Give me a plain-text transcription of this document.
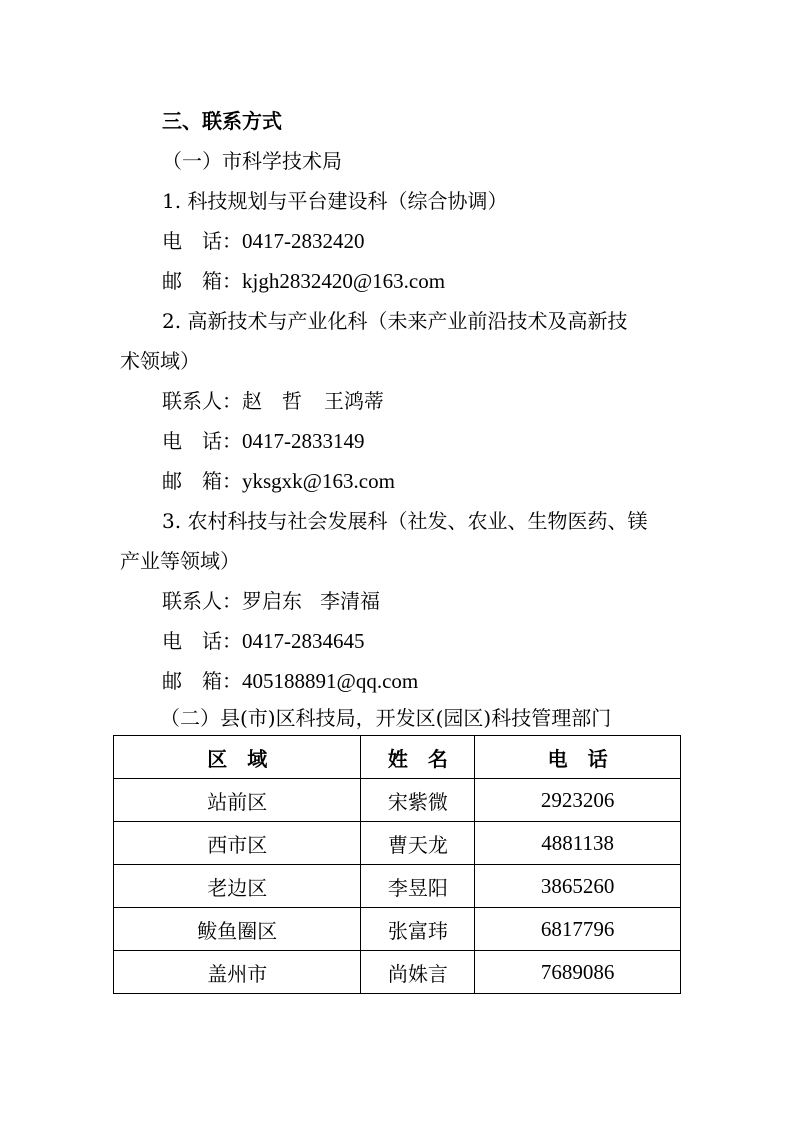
三、联系方式
（一）市科学技术局
1. 科技规划与平台建设科（综合协调）
电　话：0417-2832420
邮　箱：kjgh2832420@163.com
2. 高新技术与产业化科（未来产业前沿技术及高新技
术领域）
联系人：赵　哲 王鸿蒂
电　话：0417-2833149
邮　箱：yksgxk@163.com
3. 农村科技与社会发展科（社发、农业、生物医药、镁
产业等领域）
联系人：罗启东 李清福
电　话：0417-2834645
邮　箱：405188891@qq.com
（二）县(市)区科技局，开发区(园区)科技管理部门
区　域	姓　名	电　话
站前区	宋紫微	2923206
西市区	曹天龙	4881138
老边区	李昱阳	3865260
鲅鱼圈区	张富玮	6817796
盖州市	尚姝言	7689086
